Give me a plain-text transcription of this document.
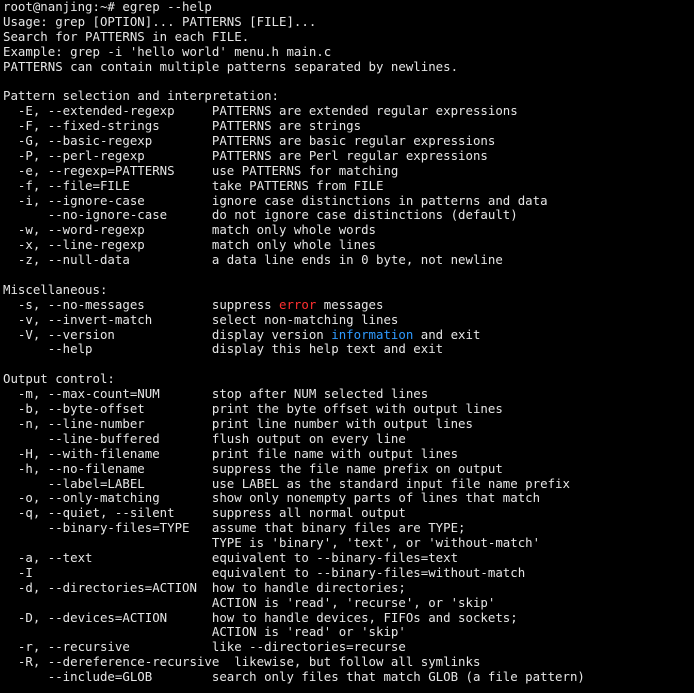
root@nanjing:~# egrep --help
Usage: grep [OPTION]... PATTERNS [FILE]...
Search for PATTERNS in each FILE.
Example: grep -i 'hello world' menu.h main.c
PATTERNS can contain multiple patterns separated by newlines.
Pattern selection and interpretation:
-E, --extended-regexp     PATTERNS are extended regular expressions
-F, --fixed-strings       PATTERNS are strings
-G, --basic-regexp        PATTERNS are basic regular expressions
-P, --perl-regexp         PATTERNS are Perl regular expressions
-e, --regexp=PATTERNS     use PATTERNS for matching
-f, --file=FILE           take PATTERNS from FILE
-i, --ignore-case         ignore case distinctions in patterns and data
--no-ignore-case      do not ignore case distinctions (default)
-w, --word-regexp         match only whole words
-x, --line-regexp         match only whole lines
-z, --null-data           a data line ends in 0 byte, not newline
Miscellaneous:
-s, --no-messages         suppress error messages
-v, --invert-match        select non-matching lines
-V, --version             display version information and exit
--help                display this help text and exit
Output control:
-m, --max-count=NUM       stop after NUM selected lines
-b, --byte-offset         print the byte offset with output lines
-n, --line-number         print line number with output lines
--line-buffered       flush output on every line
-H, --with-filename       print file name with output lines
-h, --no-filename         suppress the file name prefix on output
--label=LABEL         use LABEL as the standard input file name prefix
-o, --only-matching       show only nonempty parts of lines that match
-q, --quiet, --silent     suppress all normal output
--binary-files=TYPE   assume that binary files are TYPE;
TYPE is 'binary', 'text', or 'without-match'
-a, --text                equivalent to --binary-files=text
-I                        equivalent to --binary-files=without-match
-d, --directories=ACTION  how to handle directories;
ACTION is 'read', 'recurse', or 'skip'
-D, --devices=ACTION      how to handle devices, FIFOs and sockets;
ACTION is 'read' or 'skip'
-r, --recursive           like --directories=recurse
-R, --dereference-recursive  likewise, but follow all symlinks
--include=GLOB        search only files that match GLOB (a file pattern)
